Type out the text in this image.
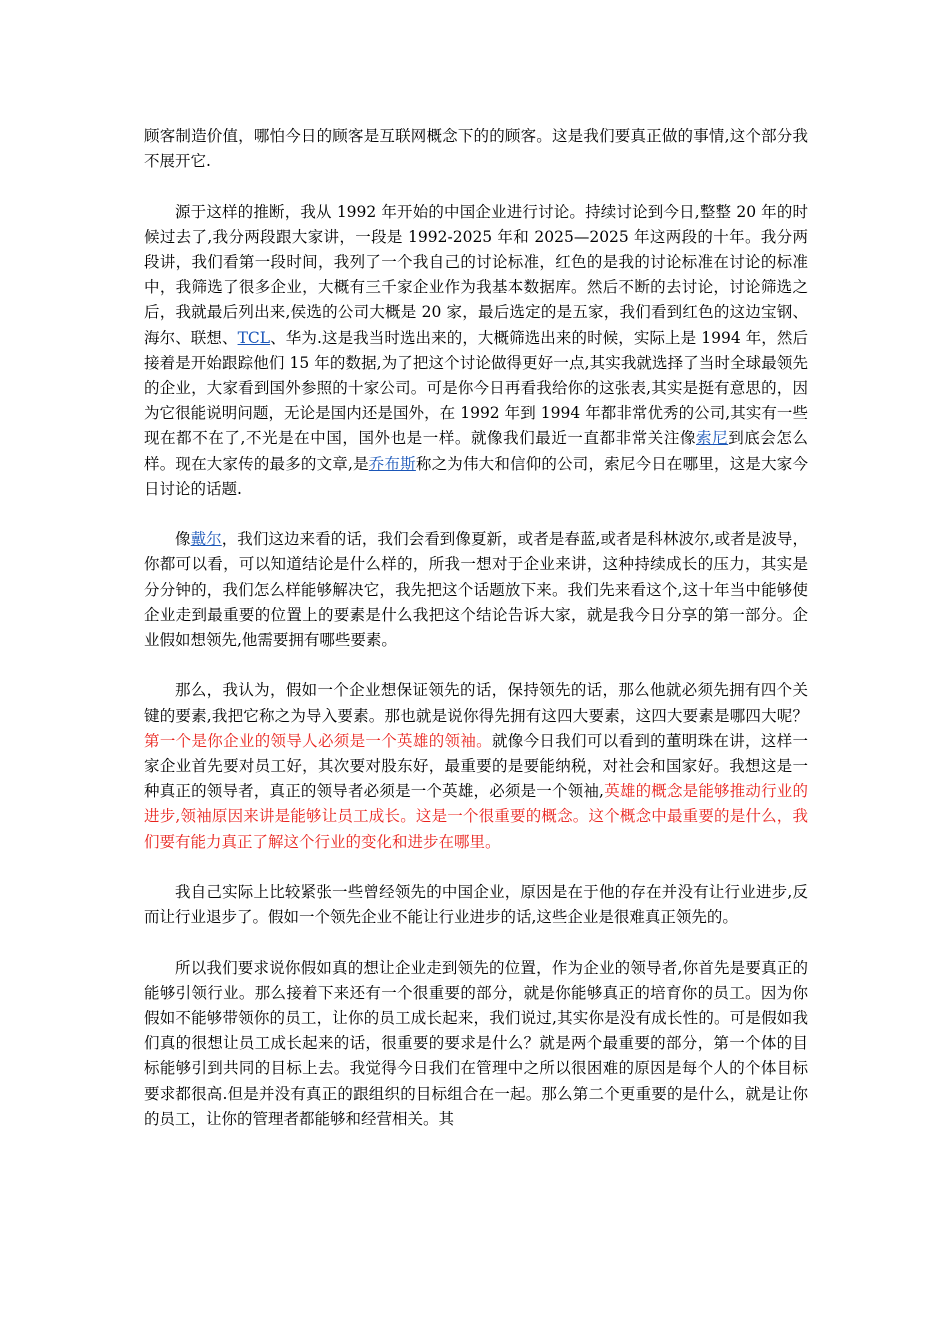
顾客制造价值，哪怕今日的顾客是互联网概念下的的顾客。这是我们要真正做的事情,这个部分我不展开它.

源于这样的推断，我从 1992 年开始的中国企业进行讨论。持续讨论到今日,整整 20 年的时候过去了,我分两段跟大家讲，一段是 1992-2025 年和 2025—2025 年这两段的十年。我分两段讲，我们看第一段时间，我列了一个我自己的讨论标准，红色的是我的讨论标准在讨论的标准中，我筛选了很多企业，大概有三千家企业作为我基本数据库。然后不断的去讨论，讨论筛选之后，我就最后列出来,侯选的公司大概是 20 家，最后选定的是五家，我们看到红色的这边宝钢、海尔、联想、TCL、华为.这是我当时选出来的，大概筛选出来的时候，实际上是 1994 年，然后接着是开始跟踪他们 15 年的数据,为了把这个讨论做得更好一点,其实我就选择了当时全球最领先的企业，大家看到国外参照的十家公司。可是你今日再看我给你的这张表,其实是挺有意思的，因为它很能说明问题，无论是国内还是国外，在 1992 年到 1994 年都非常优秀的公司,其实有一些现在都不在了,不光是在中国，国外也是一样。就像我们最近一直都非常关注像索尼到底会怎么样。现在大家传的最多的文章,是乔布斯称之为伟大和信仰的公司，索尼今日在哪里，这是大家今日讨论的话题.

像戴尔，我们这边来看的话，我们会看到像夏新，或者是春蓝,或者是科林波尔,或者是波导，你都可以看，可以知道结论是什么样的，所我一想对于企业来讲，这种持续成长的压力，其实是分分钟的，我们怎么样能够解决它，我先把这个话题放下来。我们先来看这个,这十年当中能够使企业走到最重要的位置上的要素是什么我把这个结论告诉大家，就是我今日分享的第一部分。企业假如想领先,他需要拥有哪些要素。

那么，我认为，假如一个企业想保证领先的话，保持领先的话，那么他就必须先拥有四个关键的要素,我把它称之为导入要素。那也就是说你得先拥有这四大要素，这四大要素是哪四大呢？第一个是你企业的领导人必须是一个英雄的领袖。就像今日我们可以看到的董明珠在讲，这样一家企业首先要对员工好，其次要对股东好，最重要的是要能纳税，对社会和国家好。我想这是一种真正的领导者，真正的领导者必须是一个英雄，必须是一个领袖,英雄的概念是能够推动行业的进步,领袖原因来讲是能够让员工成长。这是一个很重要的概念。这个概念中最重要的是什么，我们要有能力真正了解这个行业的变化和进步在哪里。

我自己实际上比较紧张一些曾经领先的中国企业，原因是在于他的存在并没有让行业进步,反而让行业退步了。假如一个领先企业不能让行业进步的话,这些企业是很难真正领先的。

所以我们要求说你假如真的想让企业走到领先的位置，作为企业的领导者,你首先是要真正的能够引领行业。那么接着下来还有一个很重要的部分，就是你能够真正的培育你的员工。因为你假如不能够带领你的员工，让你的员工成长起来，我们说过,其实你是没有成长性的。可是假如我们真的很想让员工成长起来的话，很重要的要求是什么？就是两个最重要的部分，第一个体的目标能够引到共同的目标上去。我觉得今日我们在管理中之所以很困难的原因是每个人的个体目标要求都很高.但是并没有真正的跟组织的目标组合在一起。那么第二个更重要的是什么，就是让你的员工，让你的管理者都能够和经营相关。其
